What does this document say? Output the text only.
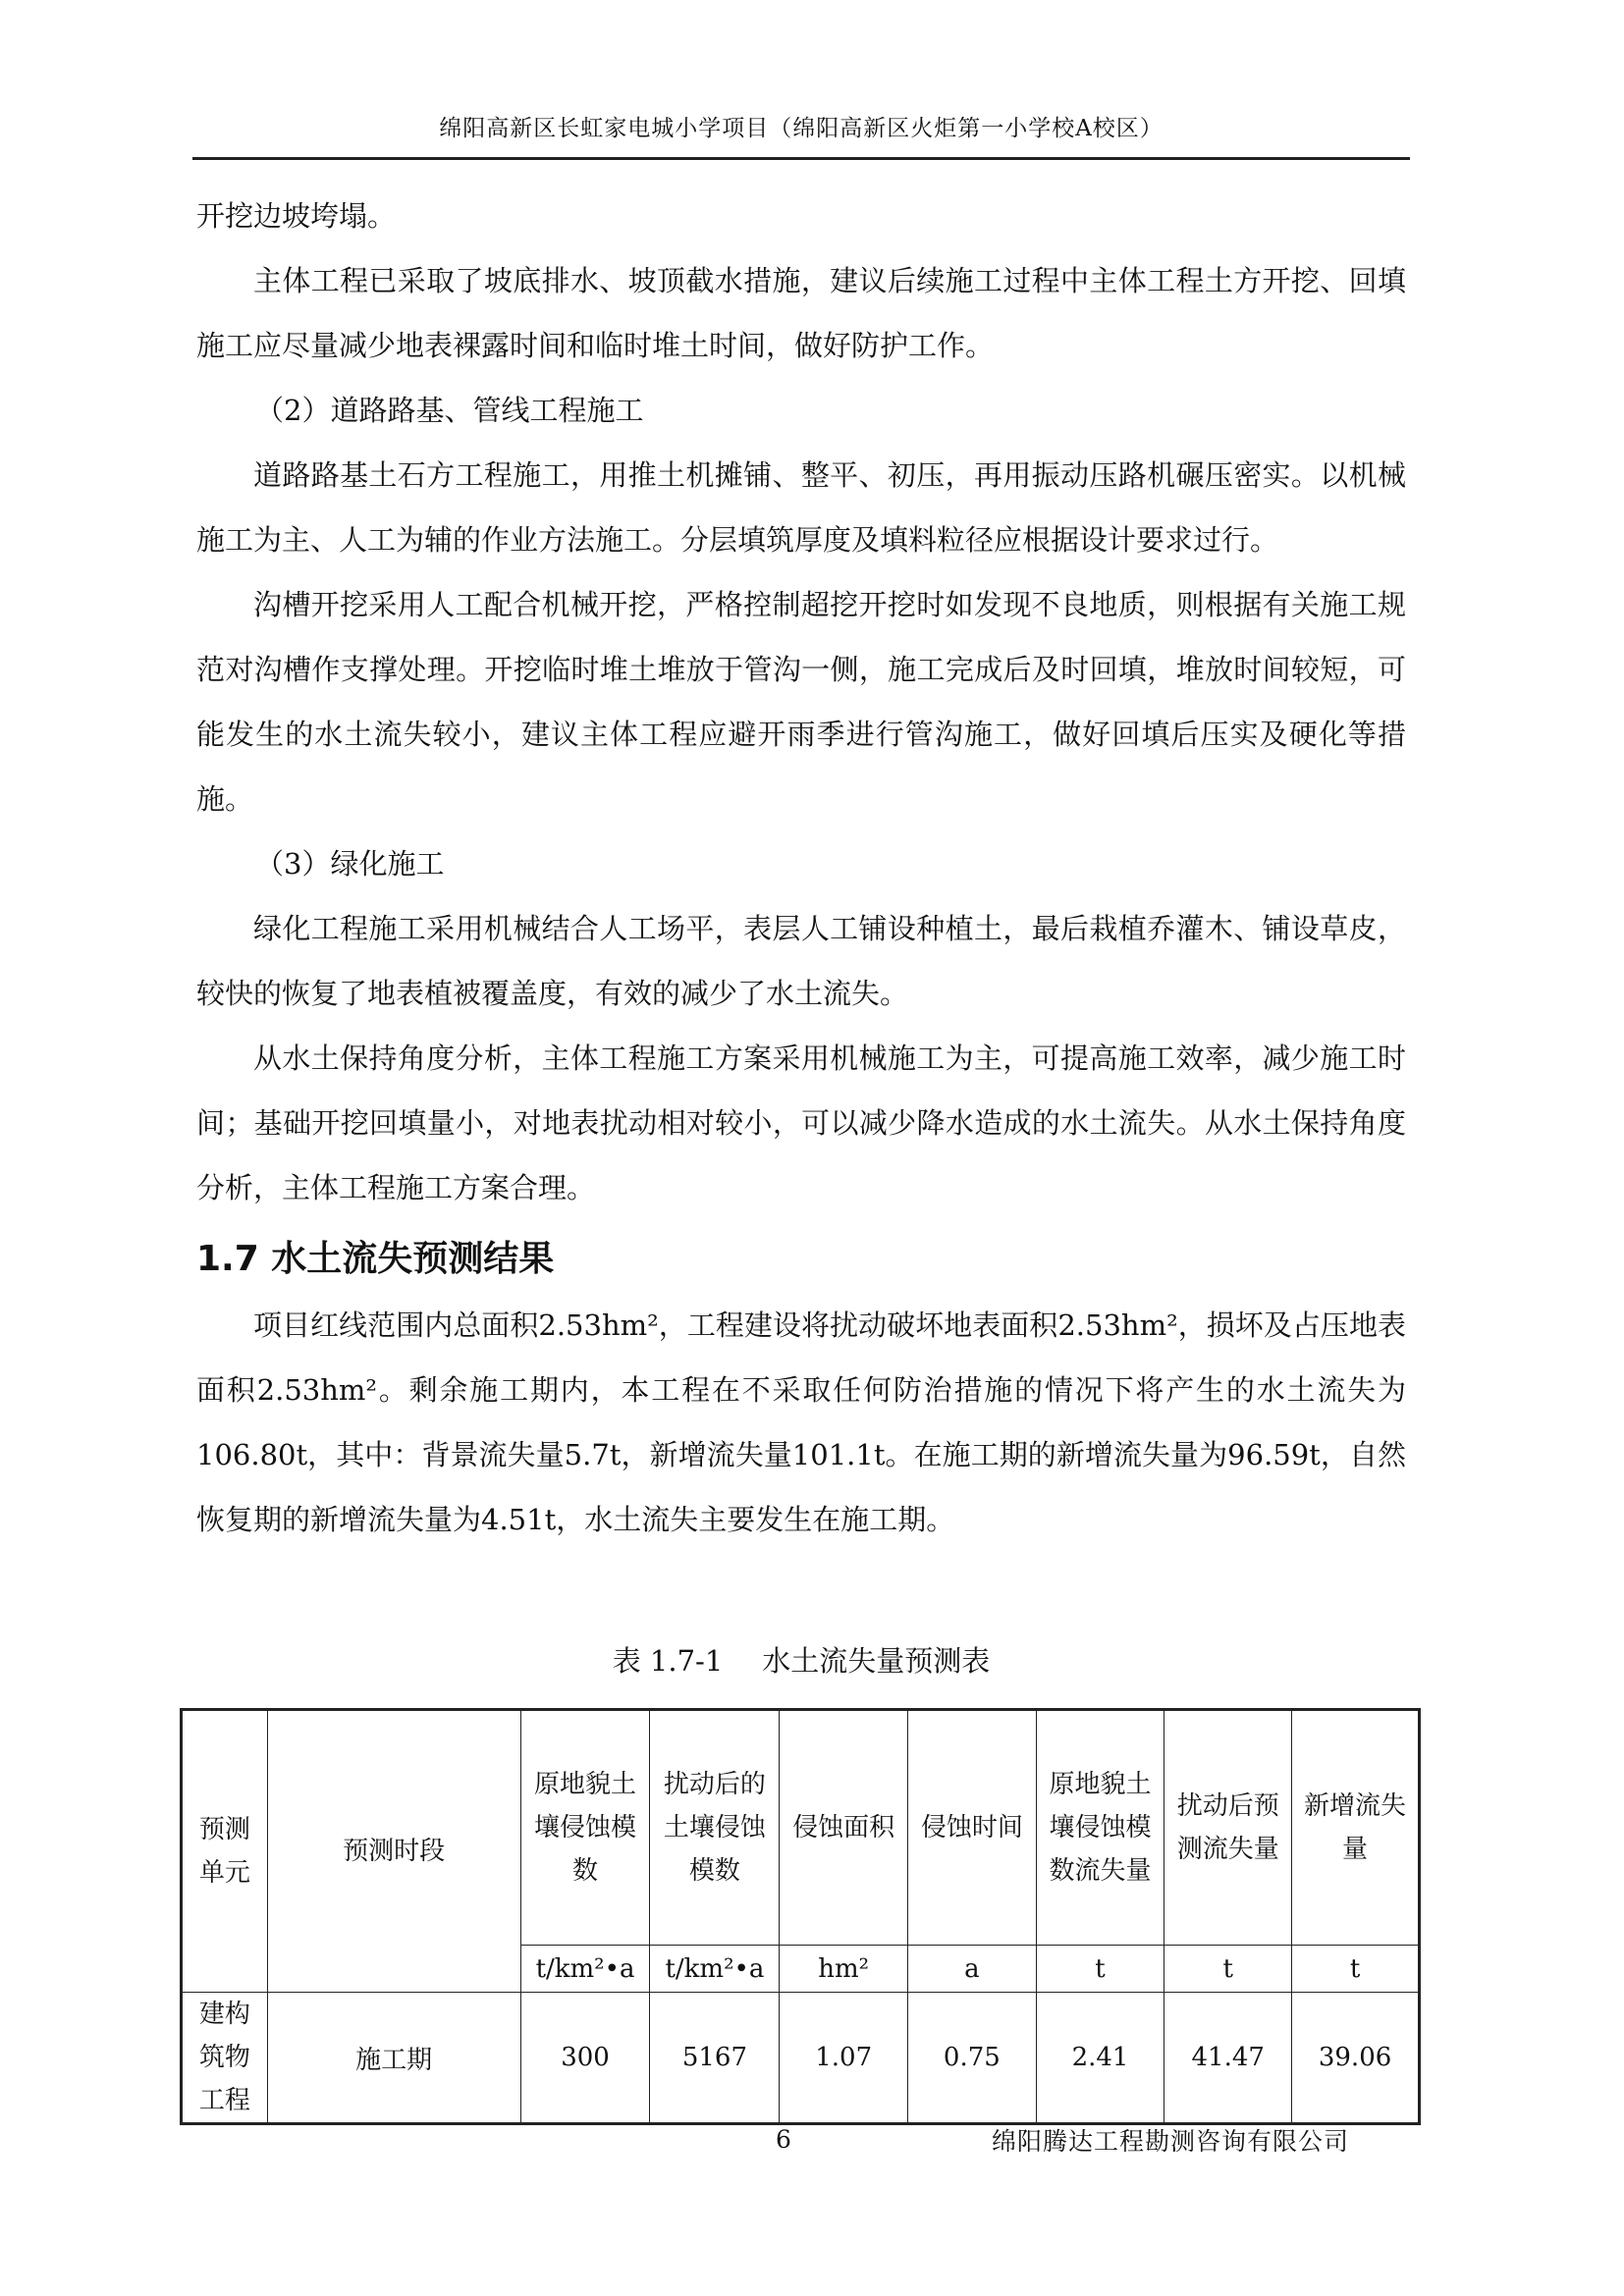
绵阳高新区长虹家电城小学项目（绵阳高新区火炬第一小学校A校区）

开挖边坡垮塌。

主体工程已采取了坡底排水、坡顶截水措施，建议后续施工过程中主体工程土方开挖、回填施工应尽量减少地表裸露时间和临时堆土时间，做好防护工作。

（2）道路路基、管线工程施工

道路路基土石方工程施工，用推土机摊铺、整平、初压，再用振动压路机碾压密实。以机械施工为主、人工为辅的作业方法施工。分层填筑厚度及填料粒径应根据设计要求过行。

沟槽开挖采用人工配合机械开挖，严格控制超挖开挖时如发现不良地质，则根据有关施工规范对沟槽作支撑处理。开挖临时堆土堆放于管沟一侧，施工完成后及时回填，堆放时间较短，可能发生的水土流失较小，建议主体工程应避开雨季进行管沟施工，做好回填后压实及硬化等措施。

（3）绿化施工

绿化工程施工采用机械结合人工场平，表层人工铺设种植土，最后栽植乔灌木、铺设草皮，较快的恢复了地表植被覆盖度，有效的减少了水土流失。

从水土保持角度分析，主体工程施工方案采用机械施工为主，可提高施工效率，减少施工时间；基础开挖回填量小，对地表扰动相对较小，可以减少降水造成的水土流失。从水土保持角度分析，主体工程施工方案合理。

1.7 水土流失预测结果

项目红线范围内总面积2.53hm²，工程建设将扰动破坏地表面积2.53hm²，损坏及占压地表面积2.53hm²。剩余施工期内，本工程在不采取任何防治措施的情况下将产生的水土流失为106.80t，其中：背景流失量5.7t，新增流失量101.1t。在施工期的新增流失量为96.59t，自然恢复期的新增流失量为4.51t，水土流失主要发生在施工期。

表 1.7-1 水土流失量预测表
预测单元	预测时段	原地貌土壤侵蚀模数	扰动后的土壤侵蚀模数	侵蚀面积	侵蚀时间	原地貌土壤侵蚀模数流失量	扰动后预测流失量	新增流失量
		t/km²•a	t/km²•a	hm²	a	t	t	t
建构筑物工程	施工期	300	5167	1.07	0.75	2.41	41.47	39.06
6	绵阳腾达工程勘测咨询有限公司
